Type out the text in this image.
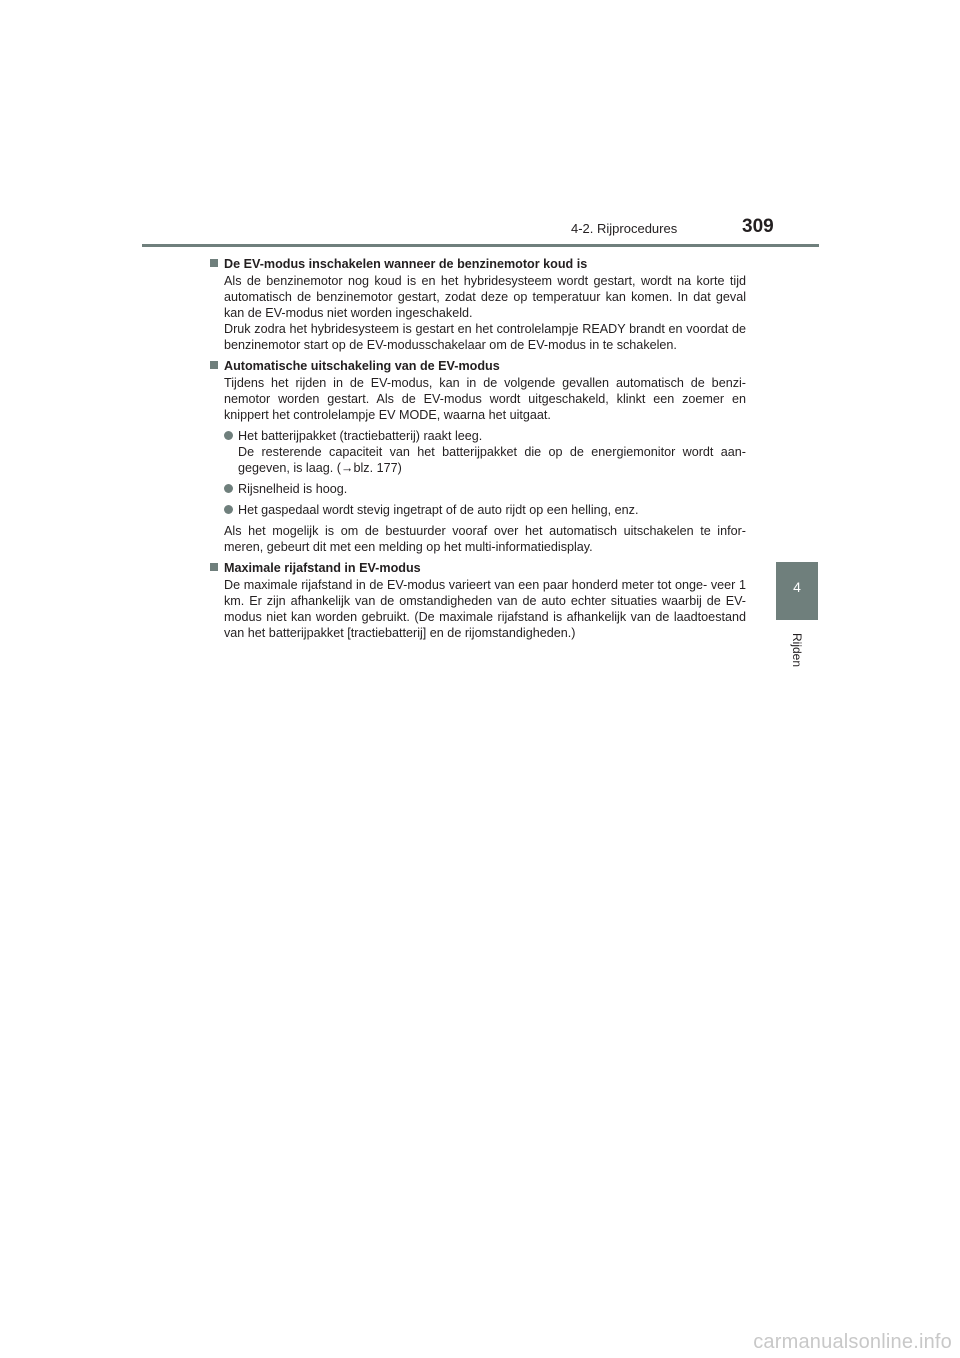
4-2. Rijprocedures	309
4
Rijden
De EV-modus inschakelen wanneer de benzinemotor koud is
Als de benzinemotor nog koud is en het hybridesysteem wordt gestart, wordt na korte tijd automatisch de benzinemotor gestart, zodat deze op temperatuur kan komen. In dat geval kan de EV-modus niet worden ingeschakeld.
Druk zodra het hybridesysteem is gestart en het controlelampje READY brandt en voordat de benzinemotor start op de EV-modusschakelaar om de EV-modus in te schakelen.
Automatische uitschakeling van de EV-modus
Tijdens het rijden in de EV-modus, kan in de volgende gevallen automatisch de benzi- nemotor worden gestart. Als de EV-modus wordt uitgeschakeld, klinkt een zoemer en knippert het controlelampje EV MODE, waarna het uitgaat.
Het batterijpakket (tractiebatterij) raakt leeg.
De resterende capaciteit van het batterijpakket die op de energiemonitor wordt aan- gegeven, is laag. (→blz. 177)
Rijsnelheid is hoog.
Het gaspedaal wordt stevig ingetrapt of de auto rijdt op een helling, enz.
Als het mogelijk is om de bestuurder vooraf over het automatisch uitschakelen te infor- meren, gebeurt dit met een melding op het multi-informatiedisplay.
Maximale rijafstand in EV-modus
De maximale rijafstand in de EV-modus varieert van een paar honderd meter tot onge- veer 1 km. Er zijn afhankelijk van de omstandigheden van de auto echter situaties waarbij de EV-modus niet kan worden gebruikt. (De maximale rijafstand is afhankelijk van de laadtoestand van het batterijpakket [tractiebatterij] en de rijomstandigheden.)
carmanualsonline.info
